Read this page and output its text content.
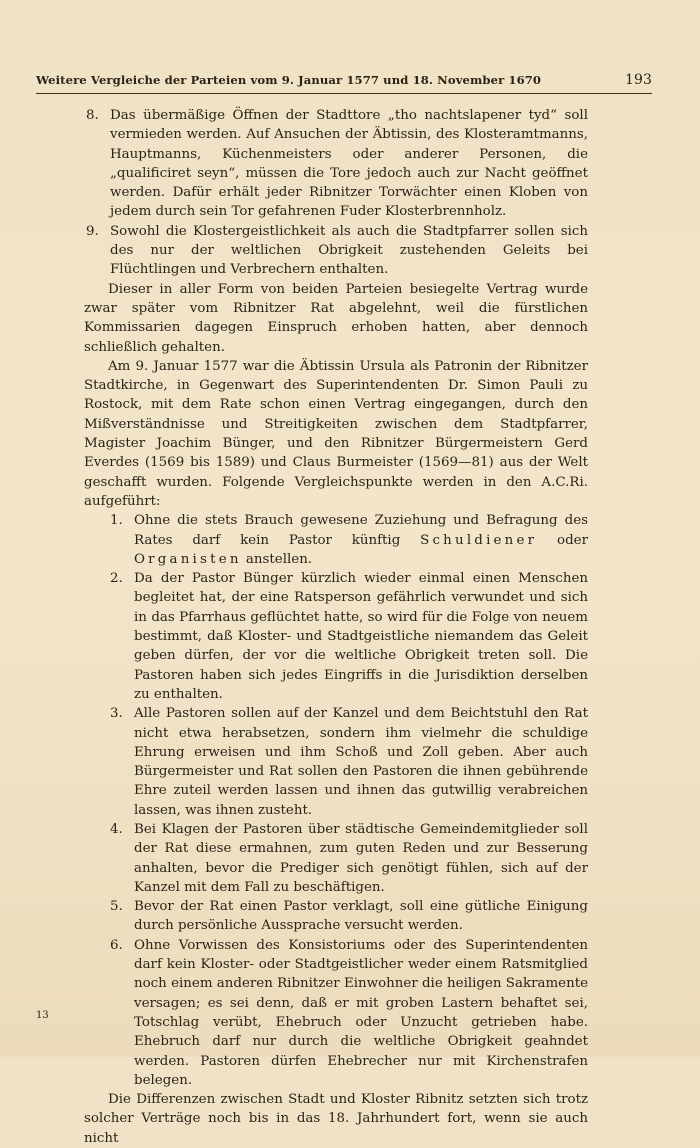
Weitere Vergleiche der Parteien vom 9. Januar 1577 und 18. November 1670	193
8. Das übermäßige Öffnen der Stadttore „tho nachtslapener tyd“ soll vermieden werden. Auf Ansuchen der Äbtissin, des Klosteramtmanns, Hauptmanns, Küchenmeisters oder anderer Personen, die „qualificiret seyn“, müssen die Tore jedoch auch zur Nacht geöffnet werden. Dafür erhält jeder Ribnitzer Torwächter einen Kloben von jedem durch sein Tor gefahrenen Fuder Klosterbrennholz.
9. Sowohl die Klostergeistlichkeit als auch die Stadtpfarrer sollen sich des nur der weltlichen Obrigkeit zustehenden Geleits bei Flüchtlingen und Verbrechern enthalten.

Dieser in aller Form von beiden Parteien besiegelte Vertrag wurde zwar später vom Ribnitzer Rat abgelehnt, weil die fürstlichen Kommissarien dagegen Einspruch erhoben hatten, aber dennoch schließlich gehalten.

Am 9. Januar 1577 war die Äbtissin Ursula als Patronin der Ribnitzer Stadtkirche, in Gegenwart des Superintendenten Dr. Simon Pauli zu Rostock, mit dem Rate schon einen Vertrag eingegangen, durch den Mißverständnisse und Streitigkeiten zwischen dem Stadtpfarrer, Magister Joachim Bünger, und den Ribnitzer Bürgermeistern Gerd Everdes (1569 bis 1589) und Claus Burmeister (1569—81) aus der Welt geschafft wurden. Folgende Vergleichspunkte werden in den A.C.Ri. aufgeführt:

1. Ohne die stets Brauch gewesene Zuziehung und Befragung des Rates darf kein Pastor künftig Schuldiener oder Organisten anstellen.
2. Da der Pastor Bünger kürzlich wieder einmal einen Menschen begleitet hat, der eine Ratsperson gefährlich verwundet und sich in das Pfarrhaus geflüchtet hatte, so wird für die Folge von neuem bestimmt, daß Kloster- und Stadtgeistliche niemandem das Geleit geben dürfen, der vor die weltliche Obrigkeit treten soll. Die Pastoren haben sich jedes Eingriffs in die Jurisdiktion derselben zu enthalten.
3. Alle Pastoren sollen auf der Kanzel und dem Beichtstuhl den Rat nicht etwa herabsetzen, sondern ihm vielmehr die schuldige Ehrung erweisen und ihm Schoß und Zoll geben. Aber auch Bürgermeister und Rat sollen den Pastoren die ihnen gebührende Ehre zuteil werden lassen und ihnen das gutwillig verabreichen lassen, was ihnen zusteht.
4. Bei Klagen der Pastoren über städtische Gemeindemitglieder soll der Rat diese ermahnen, zum guten Reden und zur Besserung anhalten, bevor die Prediger sich genötigt fühlen, sich auf der Kanzel mit dem Fall zu beschäftigen.
5. Bevor der Rat einen Pastor verklagt, soll eine gütliche Einigung durch persönliche Aussprache versucht werden.
6. Ohne Vorwissen des Konsistoriums oder des Superintendenten darf kein Kloster- oder Stadtgeistlicher weder einem Ratsmitglied noch einem anderen Ribnitzer Einwohner die heiligen Sakramente versagen; es sei denn, daß er mit groben Lastern behaftet sei, Totschlag verübt, Ehebruch oder Unzucht getrieben habe. Ehebruch darf nur durch die weltliche Obrigkeit geahndet werden. Pastoren dürfen Ehebrecher nur mit Kirchenstrafen belegen.

Die Differenzen zwischen Stadt und Kloster Ribnitz setzten sich trotz solcher Verträge noch bis in das 18. Jahrhundert fort, wenn sie auch nicht

13
